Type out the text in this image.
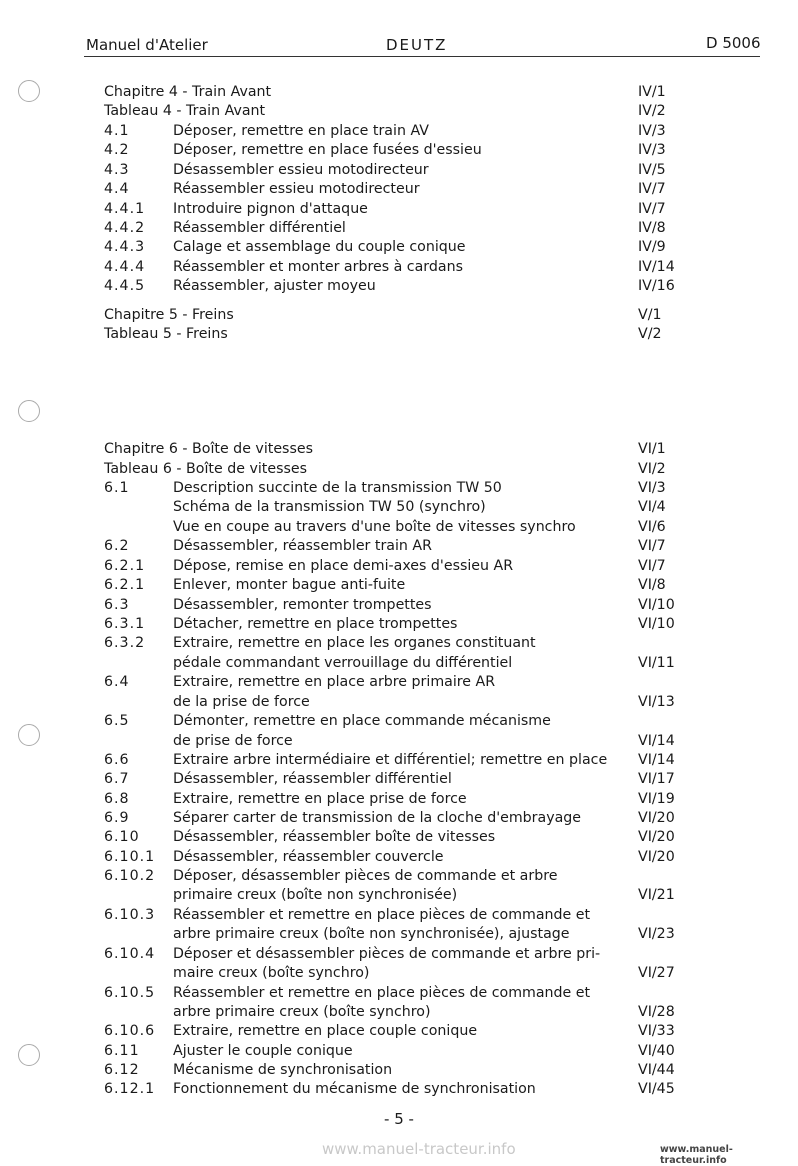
Manuel d'Atelier	DEUTZ	D 5006
Chapitre 4 - Train Avant	IV/1
Tableau 4 - Train Avant	IV/2
4.1	Déposer, remettre en place train AV	IV/3
4.2	Déposer, remettre en place fusées d'essieu	IV/3
4.3	Désassembler essieu motodirecteur	IV/5
4.4	Réassembler essieu motodirecteur	IV/7
4.4.1 Introduire pignon d'attaque	IV/7
4.4.2 Réassembler différentiel	IV/8
4.4.3 Calage et assemblage du couple conique	IV/9
4.4.4 Réassembler et monter arbres à cardans	IV/14
4.4.5 Réassembler, ajuster moyeu	IV/16
Chapitre 5 - Freins	V/1
Tableau 5 - Freins	V/2
Chapitre 6 - Boîte de vitesses	VI/1
Tableau 6 - Boîte de vitesses	VI/2
6.1	Description succinte de la transmission TW 50	VI/3
Schéma de la transmission TW 50 (synchro)	VI/4
Vue en coupe au travers d'une boîte de vitesses synchro	VI/6
6.2	Désassembler, réassembler train AR	VI/7
6.2.1 Dépose, remise en place demi-axes d'essieu AR	VI/7
6.2.1 Enlever, monter bague anti-fuite	VI/8
6.3	Désassembler, remonter trompettes	VI/10
6.3.1 Détacher, remettre en place trompettes	VI/10
6.3.2 Extraire, remettre en place les organes constituant
pédale commandant verrouillage du différentiel	VI/11
6.4	Extraire, remettre en place arbre primaire AR
de la prise de force	VI/13
6.5	Démonter, remettre en place commande mécanisme
de prise de force	VI/14
6.6	Extraire arbre intermédiaire et différentiel; remettre en place VI/14
6.7	Désassembler, réassembler différentiel	VI/17
6.8	Extraire, remettre en place prise de force	VI/19
6.9	Séparer carter de transmission de la cloche d'embrayage	VI/20
6.10 Désassembler, réassembler boîte de vitesses	VI/20
6.10.1 Désassembler, réassembler couvercle	VI/20
6.10.2 Déposer, désassembler pièces de commande et arbre
primaire creux (boîte non synchronisée)	VI/21
6.10.3 Réassembler et remettre en place pièces de commande et
arbre primaire creux (boîte non synchronisée), ajustage	VI/23
6.10.4 Déposer et désassembler pièces de commande et arbre pri-
maire creux (boîte synchro)	VI/27
6.10.5 Réassembler et remettre en place pièces de commande et
arbre primaire creux (boîte synchro)	VI/28
6.10.6 Extraire, remettre en place couple conique	VI/33
6.11 Ajuster le couple conique	VI/40
6.12 Mécanisme de synchronisation	VI/44
6.12.1 Fonctionnement du mécanisme de synchronisation	VI/45
- 5 -
www.manuel-tracteur.info	www.manuel-tracteur.info
